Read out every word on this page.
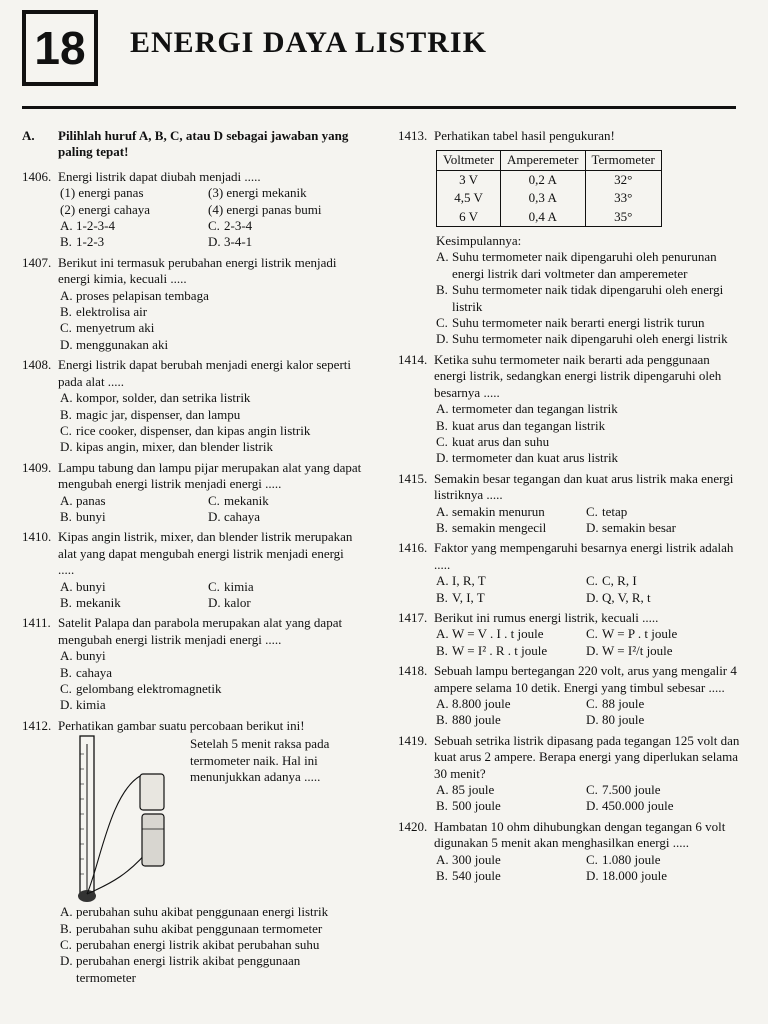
18 ENERGI DAYA LISTRIK
A.	Pilihlah huruf A, B, C, atau D sebagai jawaban yang paling tepat!
1406. Energi listrik dapat diubah menjadi .....
(1) energi panas	(3) energi mekanik
(2) energi cahaya	(4) energi panas bumi
A. 1-2-3-4	C. 2-3-4
B. 1-2-3	D. 3-4-1
1407. Berikut ini termasuk perubahan energi listrik menjadi energi kimia, kecuali .....
A. proses pelapisan tembaga
B. elektrolisa air
C. menyetrum aki
D. menggunakan aki
1408. Energi listrik dapat berubah menjadi energi kalor seperti pada alat .....
A. kompor, solder, dan setrika listrik
B. magic jar, dispenser, dan lampu
C. rice cooker, dispenser, dan kipas angin listrik
D. kipas angin, mixer, dan blender listrik
1409. Lampu tabung dan lampu pijar merupakan alat yang dapat mengubah energi listrik menjadi energi .....
A. panas	C. mekanik
B. bunyi	D. cahaya
1410. Kipas angin listrik, mixer, dan blender listrik merupakan alat yang dapat mengubah energi listrik menjadi energi .....
A. bunyi	C. kimia
B. mekanik	D. kalor
1411. Satelit Palapa dan parabola merupakan alat yang dapat mengubah energi listrik menjadi energi .....
A. bunyi
B. cahaya
C. gelombang elektromagnetik
D. kimia
1412. Perhatikan gambar suatu percobaan berikut ini!
Setelah 5 menit raksa pada termometer naik. Hal ini menunjukkan adanya .....
A. perubahan suhu akibat penggunaan energi listrik
B. perubahan suhu akibat penggunaan termometer
C. perubahan energi listrik akibat perubahan suhu
D. perubahan energi listrik akibat penggunaan termometer
1413. Perhatikan tabel hasil pengukuran!
Voltmeter	Amperemeter	Termometer
3 V	0,2 A	32°
4,5 V	0,3 A	33°
6 V	0,4 A	35°
Kesimpulannya:
A. Suhu termometer naik dipengaruhi oleh penurunan energi listrik dari voltmeter dan amperemeter
B. Suhu termometer naik tidak dipengaruhi oleh energi listrik
C. Suhu termometer naik berarti energi listrik turun
D. Suhu termometer naik dipengaruhi oleh energi listrik
1414. Ketika suhu termometer naik berarti ada penggunaan energi listrik, sedangkan energi listrik dipengaruhi oleh besarnya .....
A. termometer dan tegangan listrik
B. kuat arus dan tegangan listrik
C. kuat arus dan suhu
D. termometer dan kuat arus listrik
1415. Semakin besar tegangan dan kuat arus listrik maka energi listriknya .....
A. semakin menurun	C. tetap
B. semakin mengecil	D. semakin besar
1416. Faktor yang mempengaruhi besarnya energi listrik adalah .....
A. I, R, T	C. C, R, I
B. V, I, T	D. Q, V, R, t
1417. Berikut ini rumus energi listrik, kecuali .....
A. W = V . I . t joule	C. W = P . t joule
B. W = I² . R . t joule	D. W = I²/t joule
1418. Sebuah lampu bertegangan 220 volt, arus yang mengalir 4 ampere selama 10 detik. Energi yang timbul sebesar .....
A. 8.800 joule	C. 88 joule
B. 880 joule	D. 80 joule
1419. Sebuah setrika listrik dipasang pada tegangan 125 volt dan kuat arus 2 ampere. Berapa energi yang diperlukan selama 30 menit?
A. 85 joule	C. 7.500 joule
B. 500 joule	D. 450.000 joule
1420. Hambatan 10 ohm dihubungkan dengan tegangan 6 volt digunakan 5 menit akan menghasilkan energi .....
A. 300 joule	C. 1.080 joule
B. 540 joule	D. 18.000 joule
